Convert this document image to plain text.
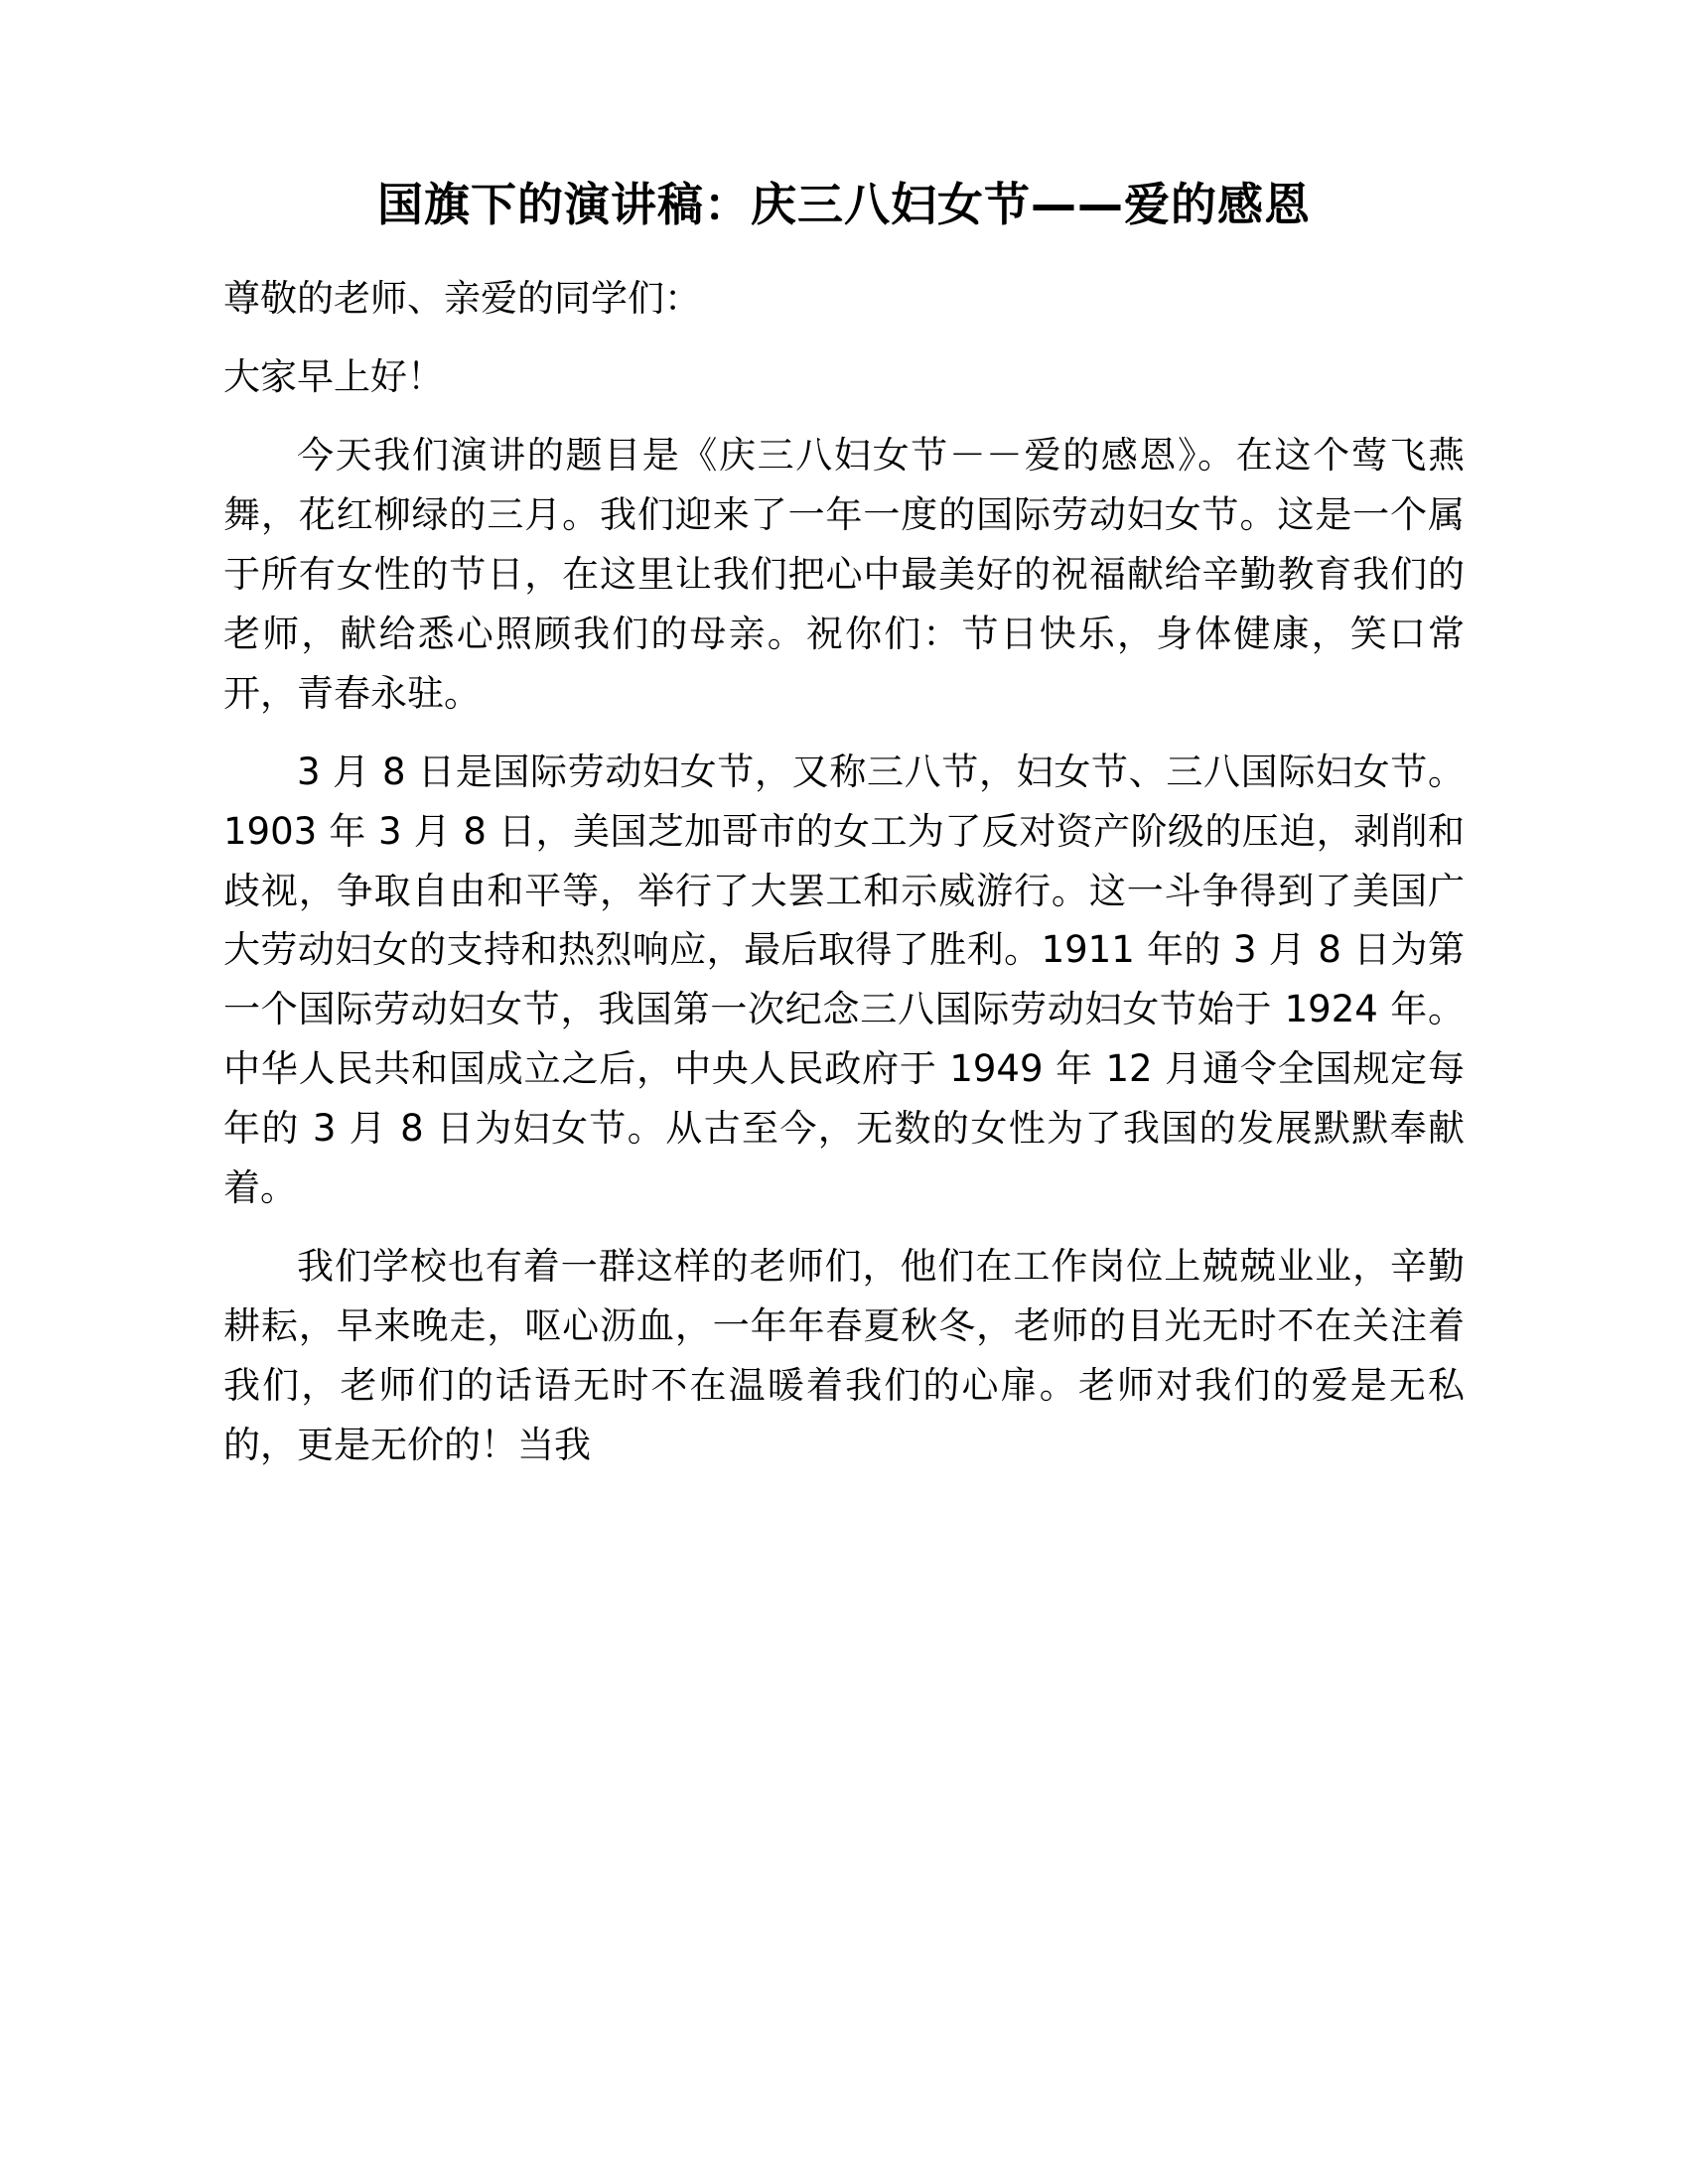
国旗下的演讲稿：庆三八妇女节——爱的感恩

尊敬的老师、亲爱的同学们：

大家早上好！

今天我们演讲的题目是《庆三八妇女节－－爱的感恩》。在这个莺飞燕舞，花红柳绿的三月。我们迎来了一年一度的国际劳动妇女节。这是一个属于所有女性的节日，在这里让我们把心中最美好的祝福献给辛勤教育我们的老师，献给悉心照顾我们的母亲。祝你们：节日快乐，身体健康，笑口常开，青春永驻。

3 月 8 日是国际劳动妇女节，又称三八节，妇女节、三八国际妇女节。1903 年 3 月 8 日，美国芝加哥市的女工为了反对资产阶级的压迫，剥削和歧视，争取自由和平等，举行了大罢工和示威游行。这一斗争得到了美国广大劳动妇女的支持和热烈响应，最后取得了胜利。1911 年的 3 月 8 日为第一个国际劳动妇女节，我国第一次纪念三八国际劳动妇女节始于 1924 年。中华人民共和国成立之后，中央人民政府于 1949 年 12 月通令全国规定每年的 3 月 8 日为妇女节。从古至今，无数的女性为了我国的发展默默奉献着。

我们学校也有着一群这样的老师们，他们在工作岗位上兢兢业业，辛勤耕耘，早来晚走，呕心沥血，一年年春夏秋冬，老师的目光无时不在关注着我们，老师们的话语无时不在温暖着我们的心扉。老师对我们的爱是无私的，更是无价的！当我
